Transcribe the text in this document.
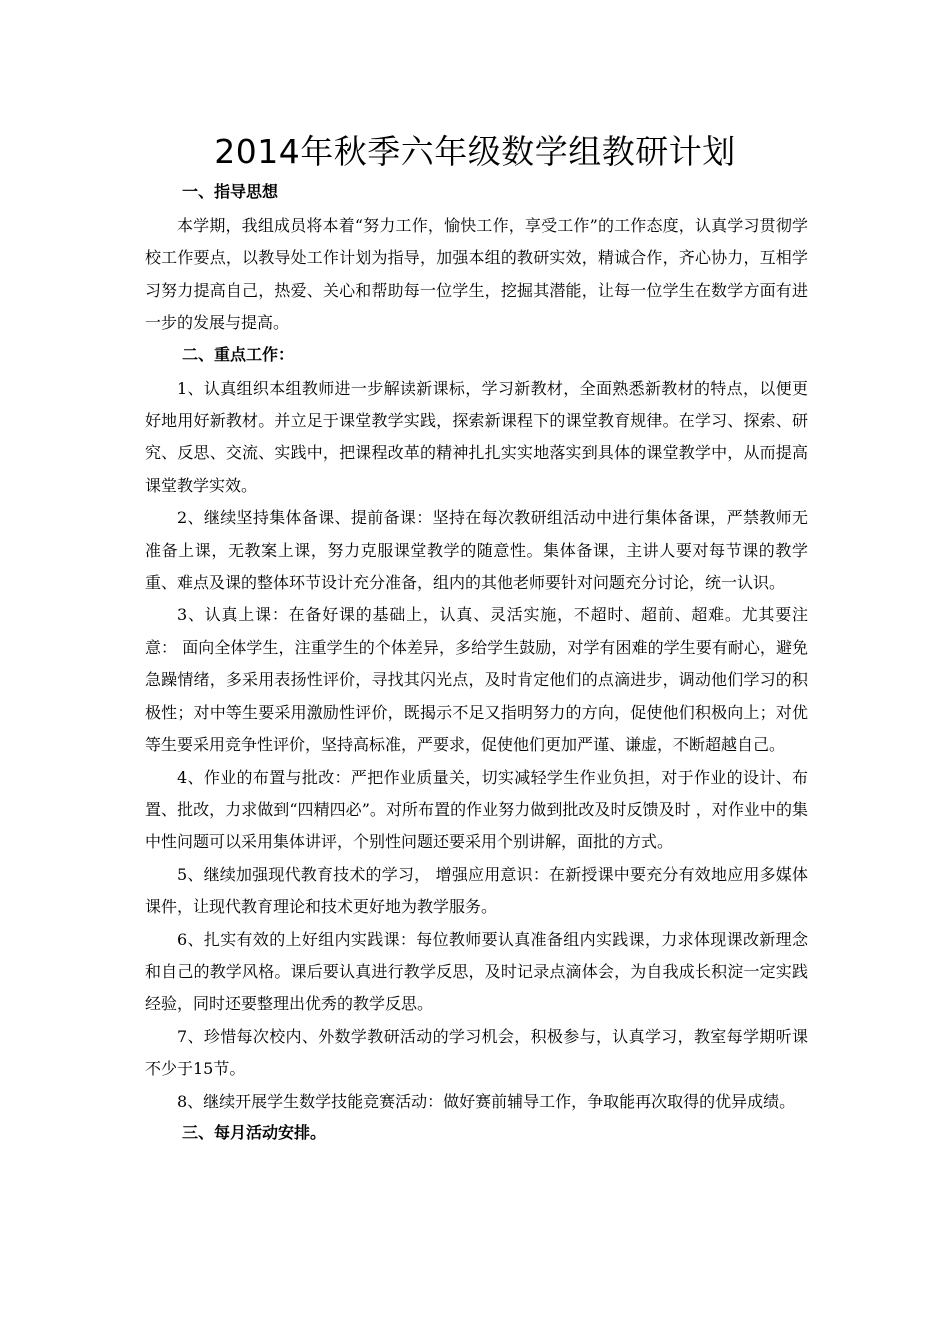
2014年秋季六年级数学组教研计划
一、指导思想

本学期，我组成员将本着“努力工作，愉快工作，享受工作”的工作态度，认真学习贯彻学校工作要点，以教导处工作计划为指导，加强本组的教研实效，精诚合作，齐心协力，互相学习努力提高自己，热爱、关心和帮助每一位学生，挖掘其潜能，让每一位学生在数学方面有进一步的发展与提高。

二、重点工作：

1、认真组织本组教师进一步解读新课标，学习新教材，全面熟悉新教材的特点，以便更好地用好新教材。并立足于课堂教学实践，探索新课程下的课堂教育规律。在学习、探索、研究、反思、交流、实践中，把课程改革的精神扎扎实实地落实到具体的课堂教学中，从而提高课堂教学实效。

2、继续坚持集体备课、提前备课：坚持在每次教研组活动中进行集体备课，严禁教师无准备上课，无教案上课，努力克服课堂教学的随意性。集体备课，主讲人要对每节课的教学重、难点及课的整体环节设计充分准备，组内的其他老师要针对问题充分讨论，统一认识。

3、认真上课：在备好课的基础上，认真、灵活实施，不超时、超前、超难。尤其要注意： 面向全体学生，注重学生的个体差异，多给学生鼓励，对学有困难的学生要有耐心，避免急躁情绪，多采用表扬性评价，寻找其闪光点，及时肯定他们的点滴进步，调动他们学习的积极性；对中等生要采用激励性评价，既揭示不足又指明努力的方向，促使他们积极向上；对优等生要采用竞争性评价，坚持高标准，严要求，促使他们更加严谨、谦虚，不断超越自己。

4、作业的布置与批改：严把作业质量关，切实减轻学生作业负担，对于作业的设计、布置、批改，力求做到“四精四必”。对所布置的作业努力做到批改及时反馈及时 ，对作业中的集中性问题可以采用集体讲评，个别性问题还要采用个别讲解，面批的方式。

5、继续加强现代教育技术的学习， 增强应用意识：在新授课中要充分有效地应用多媒体课件，让现代教育理论和技术更好地为教学服务。

6、扎实有效的上好组内实践课：每位教师要认真准备组内实践课，力求体现课改新理念和自己的教学风格。课后要认真进行教学反思，及时记录点滴体会，为自我成长积淀一定实践经验，同时还要整理出优秀的教学反思。

7、珍惜每次校内、外数学教研活动的学习机会，积极参与，认真学习，教室每学期听课不少于15节。

8、继续开展学生数学技能竞赛活动：做好赛前辅导工作，争取能再次取得的优异成绩。

三、每月活动安排。
